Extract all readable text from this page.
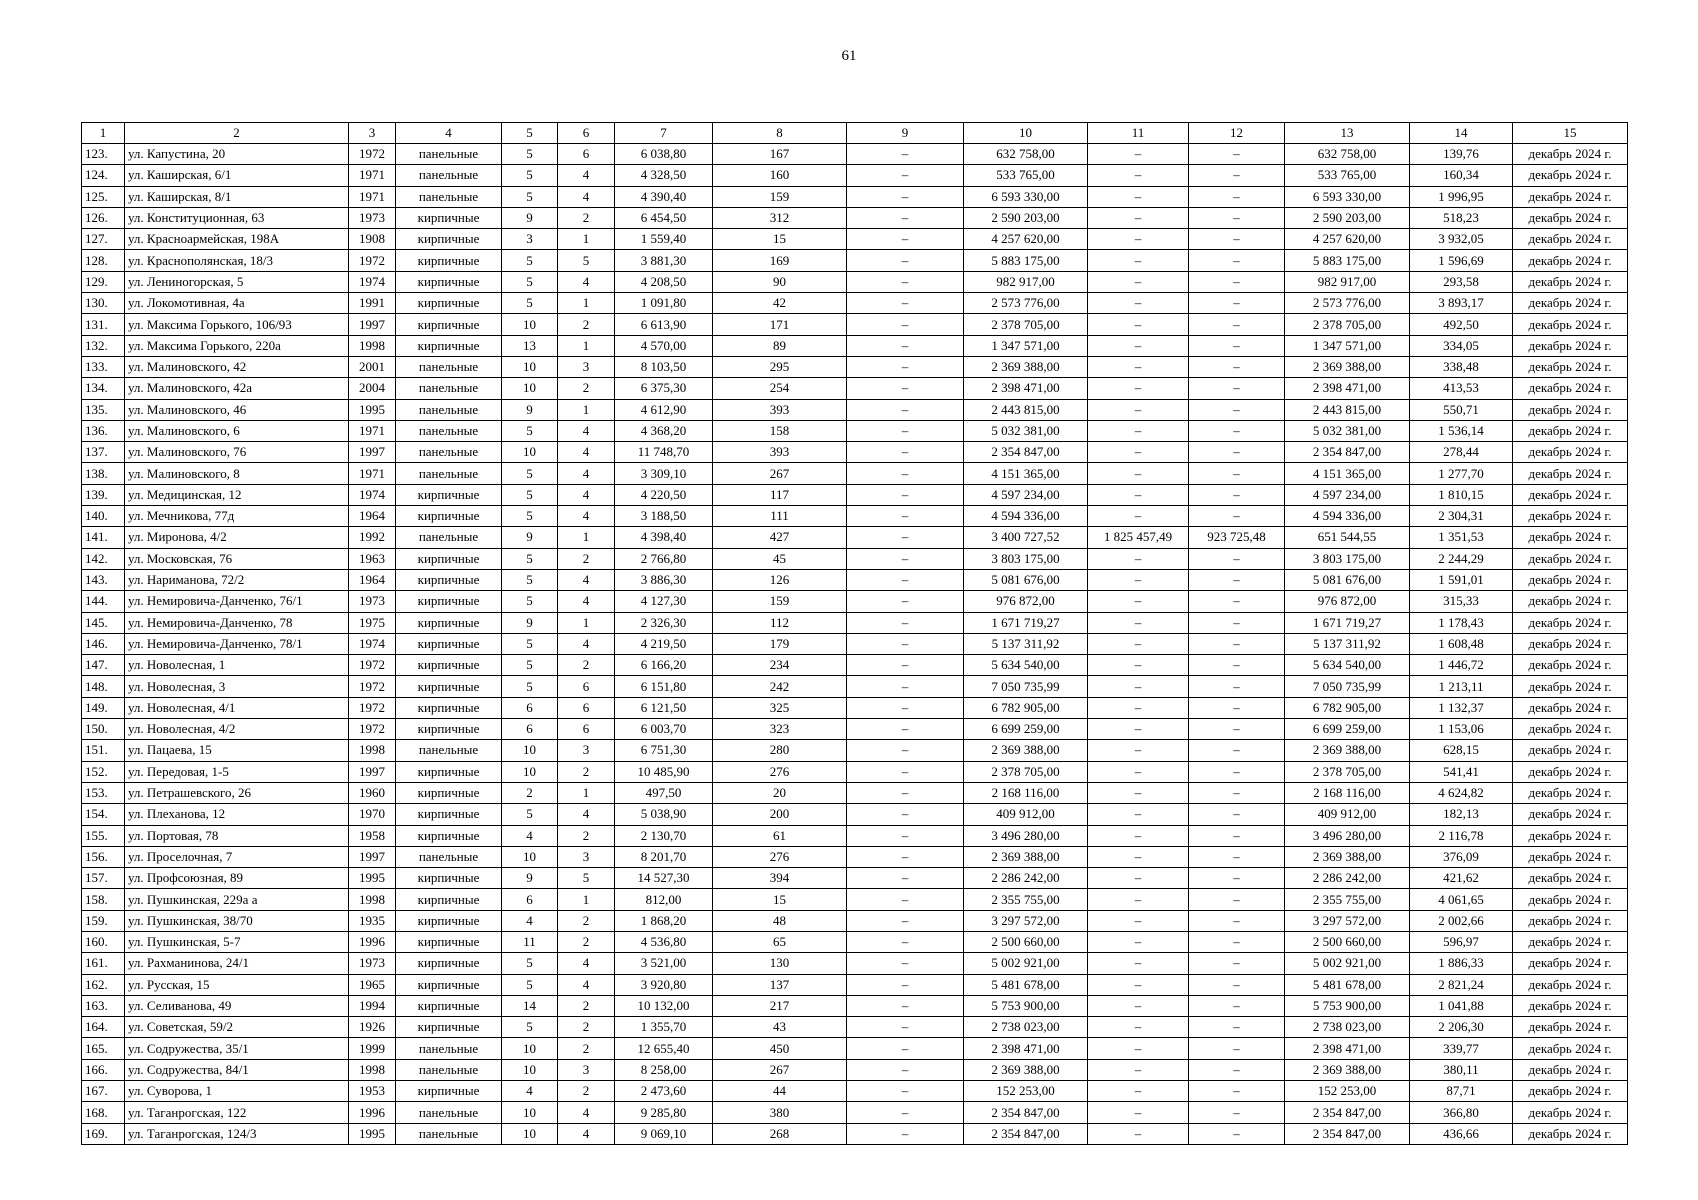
61
1	2	3	4	5	6	7	8	9	10	11	12	13	14	15
123.	ул. Капустина, 20	1972	панельные	5	6	6 038,80	167	–	632 758,00	–	–	632 758,00	139,76	декабрь 2024 г.
124.	ул. Каширская, 6/1	1971	панельные	5	4	4 328,50	160	–	533 765,00	–	–	533 765,00	160,34	декабрь 2024 г.
125.	ул. Каширская, 8/1	1971	панельные	5	4	4 390,40	159	–	6 593 330,00	–	–	6 593 330,00	1 996,95	декабрь 2024 г.
126.	ул. Конституционная, 63	1973	кирпичные	9	2	6 454,50	312	–	2 590 203,00	–	–	2 590 203,00	518,23	декабрь 2024 г.
127.	ул. Красноармейская, 198А	1908	кирпичные	3	1	1 559,40	15	–	4 257 620,00	–	–	4 257 620,00	3 932,05	декабрь 2024 г.
128.	ул. Краснополянская, 18/3	1972	кирпичные	5	5	3 881,30	169	–	5 883 175,00	–	–	5 883 175,00	1 596,69	декабрь 2024 г.
129.	ул. Лениногорская, 5	1974	кирпичные	5	4	4 208,50	90	–	982 917,00	–	–	982 917,00	293,58	декабрь 2024 г.
130.	ул. Локомотивная, 4а	1991	кирпичные	5	1	1 091,80	42	–	2 573 776,00	–	–	2 573 776,00	3 893,17	декабрь 2024 г.
131.	ул. Максима Горького, 106/93	1997	кирпичные	10	2	6 613,90	171	–	2 378 705,00	–	–	2 378 705,00	492,50	декабрь 2024 г.
132.	ул. Максима Горького, 220а	1998	кирпичные	13	1	4 570,00	89	–	1 347 571,00	–	–	1 347 571,00	334,05	декабрь 2024 г.
133.	ул. Малиновского, 42	2001	панельные	10	3	8 103,50	295	–	2 369 388,00	–	–	2 369 388,00	338,48	декабрь 2024 г.
134.	ул. Малиновского, 42а	2004	панельные	10	2	6 375,30	254	–	2 398 471,00	–	–	2 398 471,00	413,53	декабрь 2024 г.
135.	ул. Малиновского, 46	1995	панельные	9	1	4 612,90	393	–	2 443 815,00	–	–	2 443 815,00	550,71	декабрь 2024 г.
136.	ул. Малиновского, 6	1971	панельные	5	4	4 368,20	158	–	5 032 381,00	–	–	5 032 381,00	1 536,14	декабрь 2024 г.
137.	ул. Малиновского, 76	1997	панельные	10	4	11 748,70	393	–	2 354 847,00	–	–	2 354 847,00	278,44	декабрь 2024 г.
138.	ул. Малиновского, 8	1971	панельные	5	4	3 309,10	267	–	4 151 365,00	–	–	4 151 365,00	1 277,70	декабрь 2024 г.
139.	ул. Медицинская, 12	1974	кирпичные	5	4	4 220,50	117	–	4 597 234,00	–	–	4 597 234,00	1 810,15	декабрь 2024 г.
140.	ул. Мечникова, 77д	1964	кирпичные	5	4	3 188,50	111	–	4 594 336,00	–	–	4 594 336,00	2 304,31	декабрь 2024 г.
141.	ул. Миронова, 4/2	1992	панельные	9	1	4 398,40	427	–	3 400 727,52	1 825 457,49	923 725,48	651 544,55	1 351,53	декабрь 2024 г.
142.	ул. Московская, 76	1963	кирпичные	5	2	2 766,80	45	–	3 803 175,00	–	–	3 803 175,00	2 244,29	декабрь 2024 г.
143.	ул. Нариманова, 72/2	1964	кирпичные	5	4	3 886,30	126	–	5 081 676,00	–	–	5 081 676,00	1 591,01	декабрь 2024 г.
144.	ул. Немировича-Данченко, 76/1	1973	кирпичные	5	4	4 127,30	159	–	976 872,00	–	–	976 872,00	315,33	декабрь 2024 г.
145.	ул. Немировича-Данченко, 78	1975	кирпичные	9	1	2 326,30	112	–	1 671 719,27	–	–	1 671 719,27	1 178,43	декабрь 2024 г.
146.	ул. Немировича-Данченко, 78/1	1974	кирпичные	5	4	4 219,50	179	–	5 137 311,92	–	–	5 137 311,92	1 608,48	декабрь 2024 г.
147.	ул. Новолесная, 1	1972	кирпичные	5	2	6 166,20	234	–	5 634 540,00	–	–	5 634 540,00	1 446,72	декабрь 2024 г.
148.	ул. Новолесная, 3	1972	кирпичные	5	6	6 151,80	242	–	7 050 735,99	–	–	7 050 735,99	1 213,11	декабрь 2024 г.
149.	ул. Новолесная, 4/1	1972	кирпичные	6	6	6 121,50	325	–	6 782 905,00	–	–	6 782 905,00	1 132,37	декабрь 2024 г.
150.	ул. Новолесная, 4/2	1972	кирпичные	6	6	6 003,70	323	–	6 699 259,00	–	–	6 699 259,00	1 153,06	декабрь 2024 г.
151.	ул. Пацаева, 15	1998	панельные	10	3	6 751,30	280	–	2 369 388,00	–	–	2 369 388,00	628,15	декабрь 2024 г.
152.	ул. Передовая, 1-5	1997	кирпичные	10	2	10 485,90	276	–	2 378 705,00	–	–	2 378 705,00	541,41	декабрь 2024 г.
153.	ул. Петрашевского, 26	1960	кирпичные	2	1	497,50	20	–	2 168 116,00	–	–	2 168 116,00	4 624,82	декабрь 2024 г.
154.	ул. Плеханова, 12	1970	кирпичные	5	4	5 038,90	200	–	409 912,00	–	–	409 912,00	182,13	декабрь 2024 г.
155.	ул. Портовая, 78	1958	кирпичные	4	2	2 130,70	61	–	3 496 280,00	–	–	3 496 280,00	2 116,78	декабрь 2024 г.
156.	ул. Проселочная, 7	1997	панельные	10	3	8 201,70	276	–	2 369 388,00	–	–	2 369 388,00	376,09	декабрь 2024 г.
157.	ул. Профсоюзная, 89	1995	кирпичные	9	5	14 527,30	394	–	2 286 242,00	–	–	2 286 242,00	421,62	декабрь 2024 г.
158.	ул. Пушкинская, 229а а	1998	кирпичные	6	1	812,00	15	–	2 355 755,00	–	–	2 355 755,00	4 061,65	декабрь 2024 г.
159.	ул. Пушкинская, 38/70	1935	кирпичные	4	2	1 868,20	48	–	3 297 572,00	–	–	3 297 572,00	2 002,66	декабрь 2024 г.
160.	ул. Пушкинская, 5-7	1996	кирпичные	11	2	4 536,80	65	–	2 500 660,00	–	–	2 500 660,00	596,97	декабрь 2024 г.
161.	ул. Рахманинова, 24/1	1973	кирпичные	5	4	3 521,00	130	–	5 002 921,00	–	–	5 002 921,00	1 886,33	декабрь 2024 г.
162.	ул. Русская, 15	1965	кирпичные	5	4	3 920,80	137	–	5 481 678,00	–	–	5 481 678,00	2 821,24	декабрь 2024 г.
163.	ул. Селиванова, 49	1994	кирпичные	14	2	10 132,00	217	–	5 753 900,00	–	–	5 753 900,00	1 041,88	декабрь 2024 г.
164.	ул. Советская, 59/2	1926	кирпичные	5	2	1 355,70	43	–	2 738 023,00	–	–	2 738 023,00	2 206,30	декабрь 2024 г.
165.	ул. Содружества, 35/1	1999	панельные	10	2	12 655,40	450	–	2 398 471,00	–	–	2 398 471,00	339,77	декабрь 2024 г.
166.	ул. Содружества, 84/1	1998	панельные	10	3	8 258,00	267	–	2 369 388,00	–	–	2 369 388,00	380,11	декабрь 2024 г.
167.	ул. Суворова, 1	1953	кирпичные	4	2	2 473,60	44	–	152 253,00	–	–	152 253,00	87,71	декабрь 2024 г.
168.	ул. Таганрогская, 122	1996	панельные	10	4	9 285,80	380	–	2 354 847,00	–	–	2 354 847,00	366,80	декабрь 2024 г.
169.	ул. Таганрогская, 124/3	1995	панельные	10	4	9 069,10	268	–	2 354 847,00	–	–	2 354 847,00	436,66	декабрь 2024 г.
